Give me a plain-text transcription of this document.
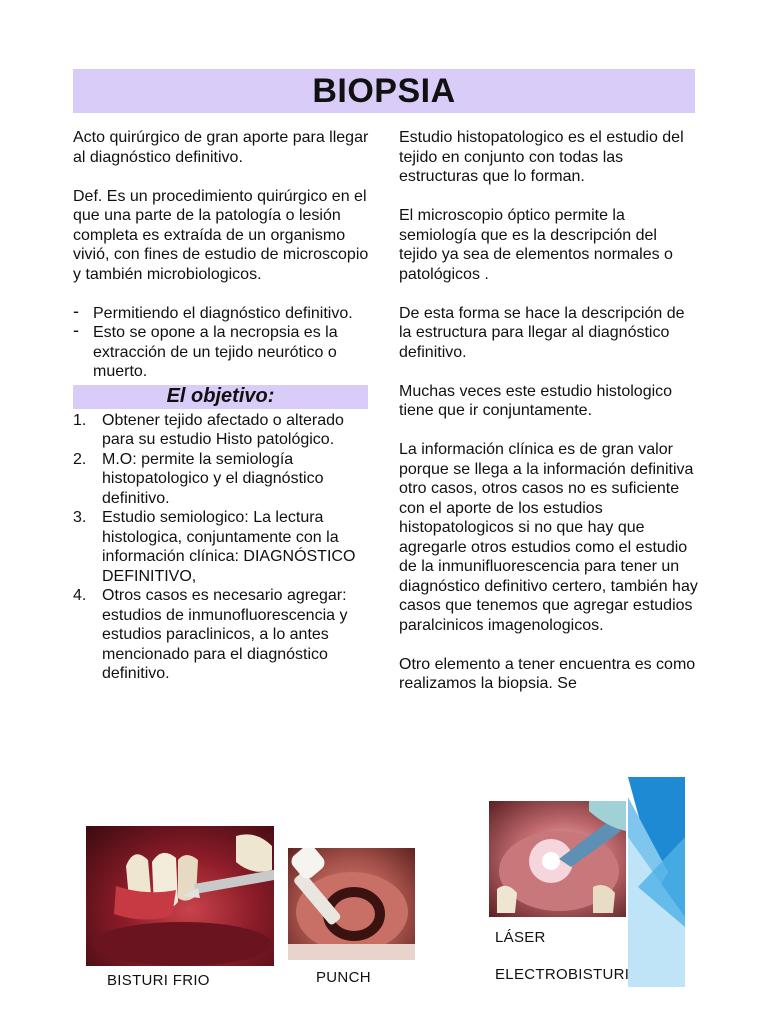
BIOPSIA

Acto quirúrgico de gran aporte para llegar al diagnóstico definitivo.

Def. Es un procedimiento quirúrgico en el que una parte de la patología o lesión completa es extraída de un organismo vivió, con fines de estudio de microscopio y también microbiologicos.

- Permitiendo el diagnóstico definitivo.
- Esto se opone a la necropsia es la extracción de un tejido neurótico o muerto.
El objetivo:
1. Obtener tejido afectado o alterado para su estudio Histo patológico.
2. M.O: permite la semiología histopatologico y el diagnóstico definitivo.
3. Estudio semiologico: La lectura histologica, conjuntamente con la información clínica: DIAGNÓSTICO DEFINITIVO,
4. Otros casos es necesario agregar: estudios de inmunofluorescencia y estudios paraclinicos, a lo antes mencionado para el diagnóstico definitivo.

Estudio histopatologico es el estudio del tejido en conjunto con todas las estructuras que lo forman.

El microscopio óptico permite la semiología que es la descripción del tejido ya sea de elementos normales o patológicos .

De esta forma se hace la descripción de la estructura para llegar al diagnóstico definitivo.

Muchas veces este estudio histologico tiene que ir conjuntamente.

La información clínica es de gran valor porque se llega a la información definitiva otro casos, otros casos no es suficiente con el aporte de los estudios histopatologicos si no que hay que agregarle otros estudios como el estudio de la inmunifluorescencia para tener un diagnóstico definitivo certero, también hay casos que tenemos que agregar estudios paralcinicos imagenologicos.

Otro elemento a tener encuentra es como realizamos la biopsia. Se

BISTURI FRIO	PUNCH
LÁSER
ELECTROBISTURI
